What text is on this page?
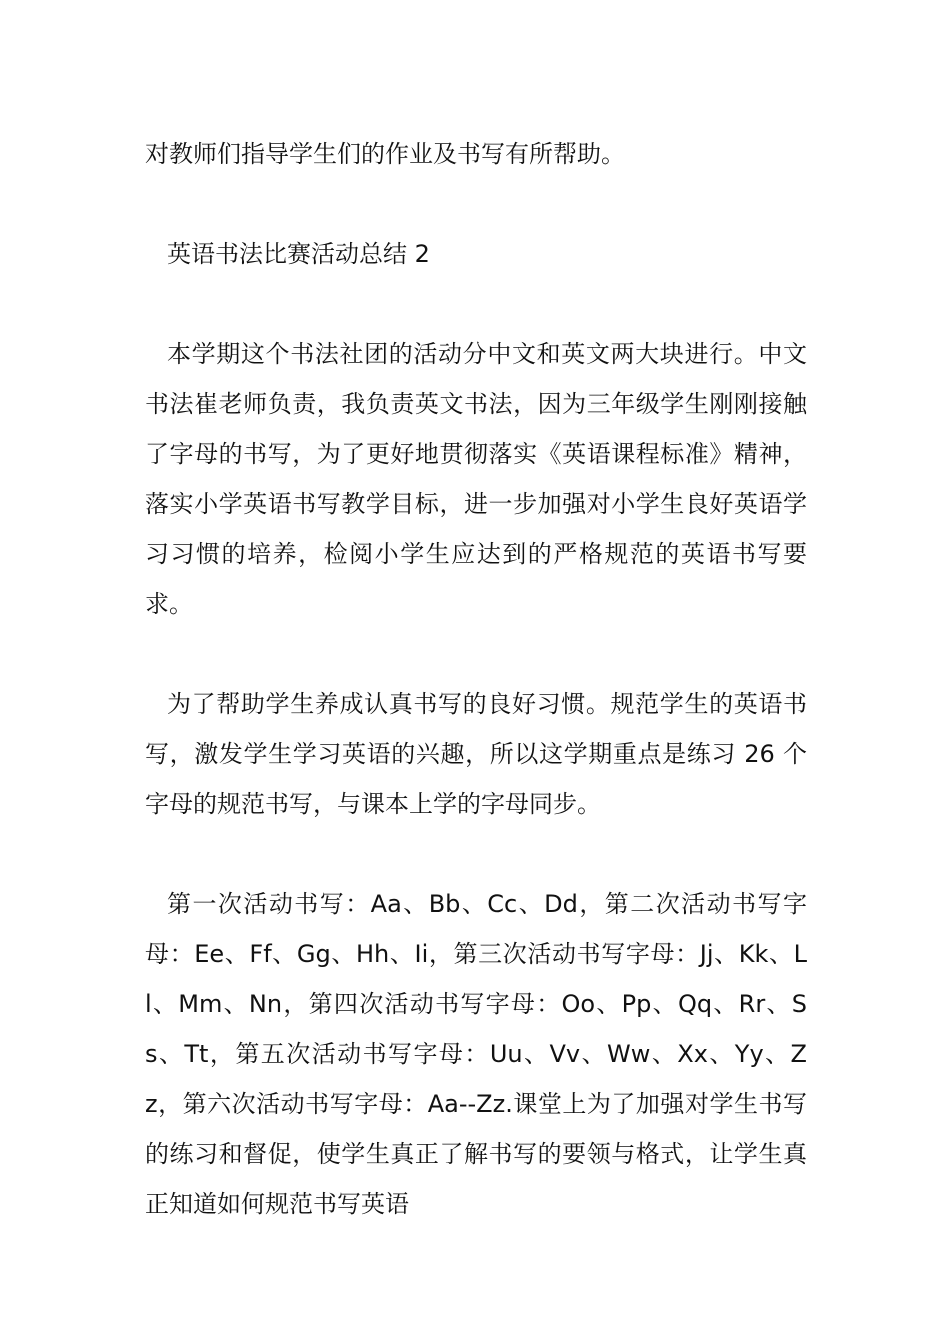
对教师们指导学生们的作业及书写有所帮助。

英语书法比赛活动总结 2

本学期这个书法社团的活动分中文和英文两大块进行。中文书法崔老师负责，我负责英文书法，因为三年级学生刚刚接触了字母的书写，为了更好地贯彻落实《英语课程标准》精神，落实小学英语书写教学目标，进一步加强对小学生良好英语学习习惯的培养，检阅小学生应达到的严格规范的英语书写要求。

为了帮助学生养成认真书写的良好习惯。规范学生的英语书写，激发学生学习英语的兴趣，所以这学期重点是练习 26 个字母的规范书写，与课本上学的字母同步。

第一次活动书写：Aa、Bb、Cc、Dd，第二次活动书写字母：Ee、Ff、Gg、Hh、Ii，第三次活动书写字母：Jj、Kk、Ll、Mm、Nn，第四次活动书写字母：Oo、Pp、Qq、Rr、Ss、Tt，第五次活动书写字母：Uu、Vv、Ww、Xx、Yy、Zz，第六次活动书写字母：Aa--Zz.课堂上为了加强对学生书写的练习和督促，使学生真正了解书写的要领与格式，让学生真正知道如何规范书写英语
